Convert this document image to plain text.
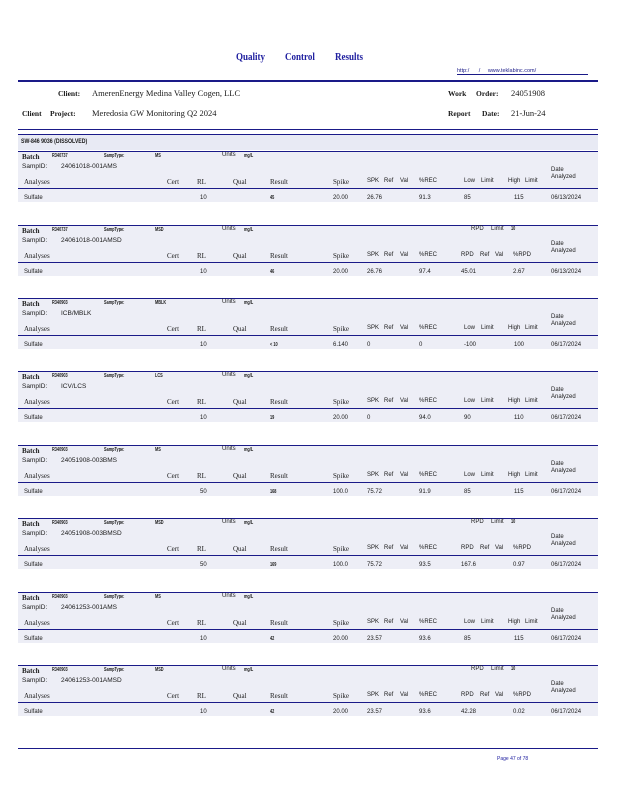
Quality Control Results
http:/ / www.teklabinc.com/
Client: AmerenEnergy Medina Valley Cogen, LLC	Work Order: 24051908
Client Project: Meredosia GW Monitoring Q2 2024	Report Date: 21-Jun-24
SW-846 9036 (DISSOLVED)
Batch R340737	SampType:	MS	Units mg/L
SampID: 24061018-001AMS	Date
Analyzed
Analyses	Cert	RL	Qual	Result	Spike	SPK Ref Val %REC	Low Limit High Limit
Sulfate	10	45	20.00	26.76	91.3	85	115	06/13/2024
Batch R340737	SampType:	MSD	Units mg/L	RPD Limit 10
SampID: 24061018-001AMSD	Date
Analyzed
Analyses	Cert	RL	Qual	Result	Spike	SPK Ref Val %REC	RPD Ref Val %RPD
Sulfate	10	46	20.00	26.76	97.4	45.01	2.67	06/13/2024
Batch R340903	SampType:	MBLK	Units mg/L
SampID: ICB/MBLK	Date
Analyzed
Analyses	Cert	RL	Qual	Result	Spike	SPK Ref Val %REC	Low Limit High Limit
Sulfate	10	< 10	6.140	0	0	-100	100	06/17/2024
Batch R340903	SampType:	LCS	Units mg/L
SampID: ICV/LCS	Date
Analyzed
Analyses	Cert	RL	Qual	Result	Spike	SPK Ref Val %REC	Low Limit High Limit
Sulfate	10	19	20.00	0	94.0	90	110	06/17/2024
Batch R340903	SampType:	MS	Units mg/L
SampID: 24051908-003BMS	Date
Analyzed
Analyses	Cert	RL	Qual	Result	Spike	SPK Ref Val %REC	Low Limit High Limit
Sulfate	50	168	100.0	75.72	91.9	85	115	06/17/2024
Batch R340903	SampType:	MSD	Units mg/L	RPD Limit 10
SampID: 24051908-003BMSD	Date
Analyzed
Analyses	Cert	RL	Qual	Result	Spike	SPK Ref Val %REC	RPD Ref Val %RPD
Sulfate	50	169	100.0	75.72	93.5	167.6	0.97	06/17/2024
Batch R340903	SampType:	MS	Units mg/L
SampID: 24061253-001AMS	Date
Analyzed
Analyses	Cert	RL	Qual	Result	Spike	SPK Ref Val %REC	Low Limit High Limit
Sulfate	10	42	20.00	23.57	93.6	85	115	06/17/2024
Batch R340903	SampType:	MSD	Units mg/L	RPD Limit 10
SampID: 24061253-001AMSD	Date
Analyzed
Analyses	Cert	RL	Qual	Result	Spike	SPK Ref Val %REC	RPD Ref Val %RPD
Sulfate	10	42	20.00	23.57	93.6	42.28	0.02	06/17/2024
Page 47 of 78
